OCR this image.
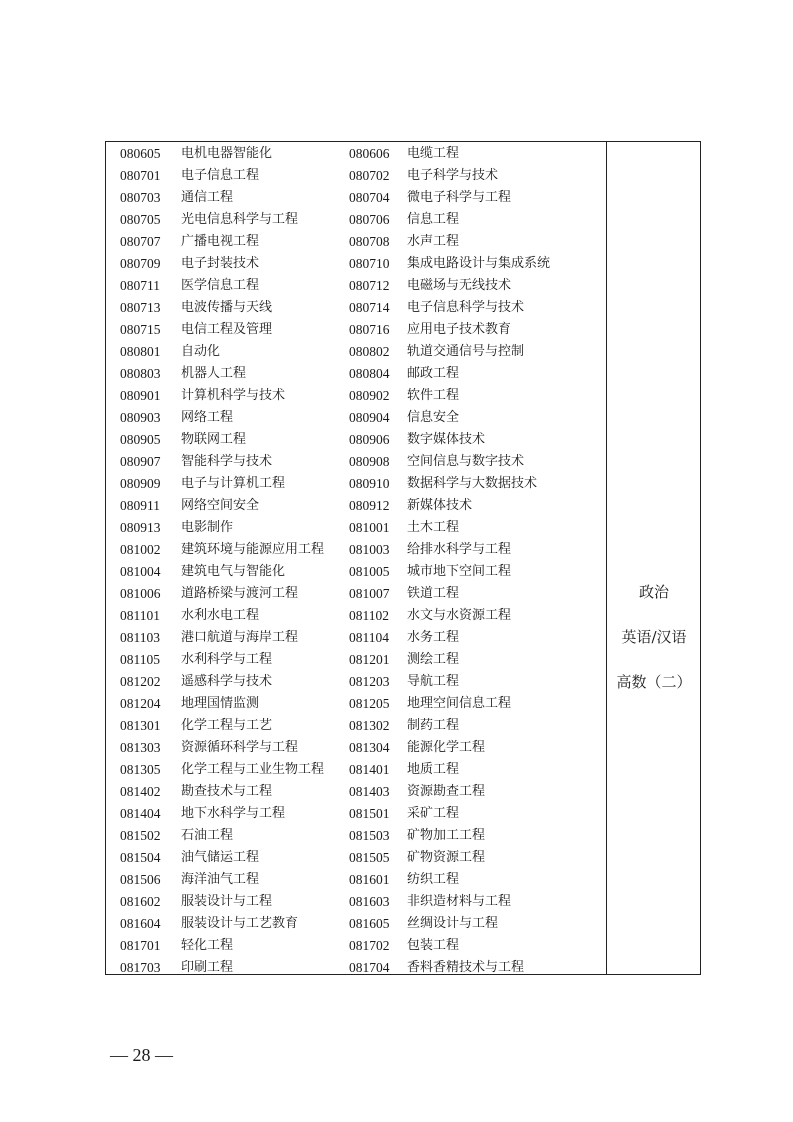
080605 电机电器智能化	080606 电缆工程
080701 电子信息工程	080702 电子科学与技术
080703 通信工程	080704 微电子科学与工程
080705 光电信息科学与工程	080706 信息工程
080707 广播电视工程	080708 水声工程
080709 电子封装技术	080710 集成电路设计与集成系统
080711 医学信息工程	080712 电磁场与无线技术
080713 电波传播与天线	080714 电子信息科学与技术
080715 电信工程及管理	080716 应用电子技术教育
080801 自动化	080802 轨道交通信号与控制
080803 机器人工程	080804 邮政工程
080901 计算机科学与技术	080902 软件工程
080903 网络工程	080904 信息安全
080905 物联网工程	080906 数字媒体技术
080907 智能科学与技术	080908 空间信息与数字技术
080909 电子与计算机工程	080910 数据科学与大数据技术
080911 网络空间安全	080912 新媒体技术
080913 电影制作	081001 土木工程
081002 建筑环境与能源应用工程 081003 给排水科学与工程
081004 建筑电气与智能化	081005 城市地下空间工程
081006 道路桥梁与渡河工程	081007 铁道工程
081101 水利水电工程	081102 水文与水资源工程
081103 港口航道与海岸工程	081104 水务工程
081105 水利科学与工程	081201 测绘工程
081202 遥感科学与技术	081203 导航工程
081204 地理国情监测	081205 地理空间信息工程
081301 化学工程与工艺	081302 制药工程
081303 资源循环科学与工程	081304 能源化学工程
081305 化学工程与工业生物工程 081401 地质工程
081402 勘查技术与工程	081403 资源勘查工程
081404 地下水科学与工程	081501 采矿工程
081502 石油工程	081503 矿物加工工程
081504 油气储运工程	081505 矿物资源工程
081506 海洋油气工程	081601 纺织工程
081602 服装设计与工程	081603 非织造材料与工程
081604 服装设计与工艺教育	081605 丝绸设计与工程
081701 轻化工程	081702 包装工程
081703 印刷工程	081704 香料香精技术与工程
政治
英语/汉语
高数（二）
— 28 —
